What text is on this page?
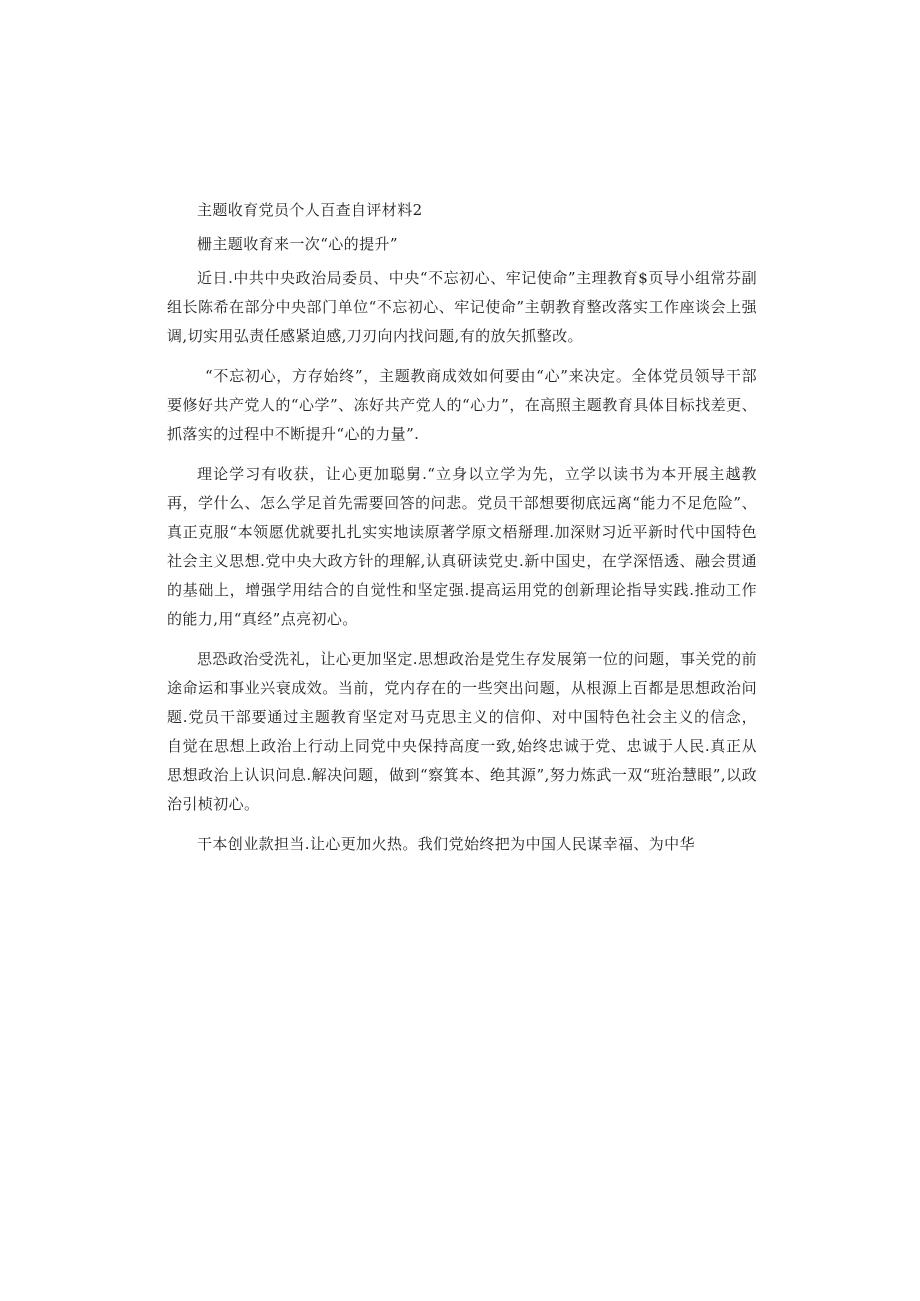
主题收育党员个人百查自评材料2

栅主题收育来一次“心的提升”

近日.中共中央政治局委员、中央“不忘初心、牢记使命”主理教育$页导小组常芬副组长陈希在部分中央部门单位“不忘初心、牢记使命”主朝教育整改落实工作座谈会上强调,切实用弘责任感紧迫感,刀刃向内找问题,有的放矢抓整改。

“不忘初心，方存始终”，主题教商成效如何要由“心”来决定。全体党员领导干部要修好共产党人的“心学”、冻好共产党人的“心力”，在高照主题教育具体目标找差更、抓落实的过程中不断提升“心的力量”.

理论学习有收获，让心更加聪舅.“立身以立学为先，立学以读书为本开展主越教再，学什么、怎么学足首先需要回答的问悲。党员干部想要彻底远离“能力不足危险”、真正克服“本领愿优就要扎扎实实地读原著学原文梧掰理.加深财习近平新时代中国特色社会主义思想.党中央大政方针的理解,认真研读党史.新中国史，在学深悟透、融会贯通的基础上，增强学用结合的自觉性和坚定强.提高运用党的创新理论指导实践.推动工作的能力,用“真经”点亮初心。

思恐政治受洗礼，让心更加坚定.思想政治是党生存发展第一位的问题，事关党的前途命运和事业兴衰成效。当前，党内存在的一些突出问题，从根源上百都是思想政治问题.党员干部要通过主题教育坚定对马克思主义的信仰、对中国特色社会主义的信念，自觉在思想上政治上行动上同党中央保持高度一致,始终忠诚于党、忠诚于人民.真正从思想政治上认识问息.解决问题，做到“察箕本、绝其源”,努力炼武一双“班治慧眼”,以政治引桢初心。

干本创业款担当.让心更加火热。我们党始终把为中国人民谋幸福、为中华
